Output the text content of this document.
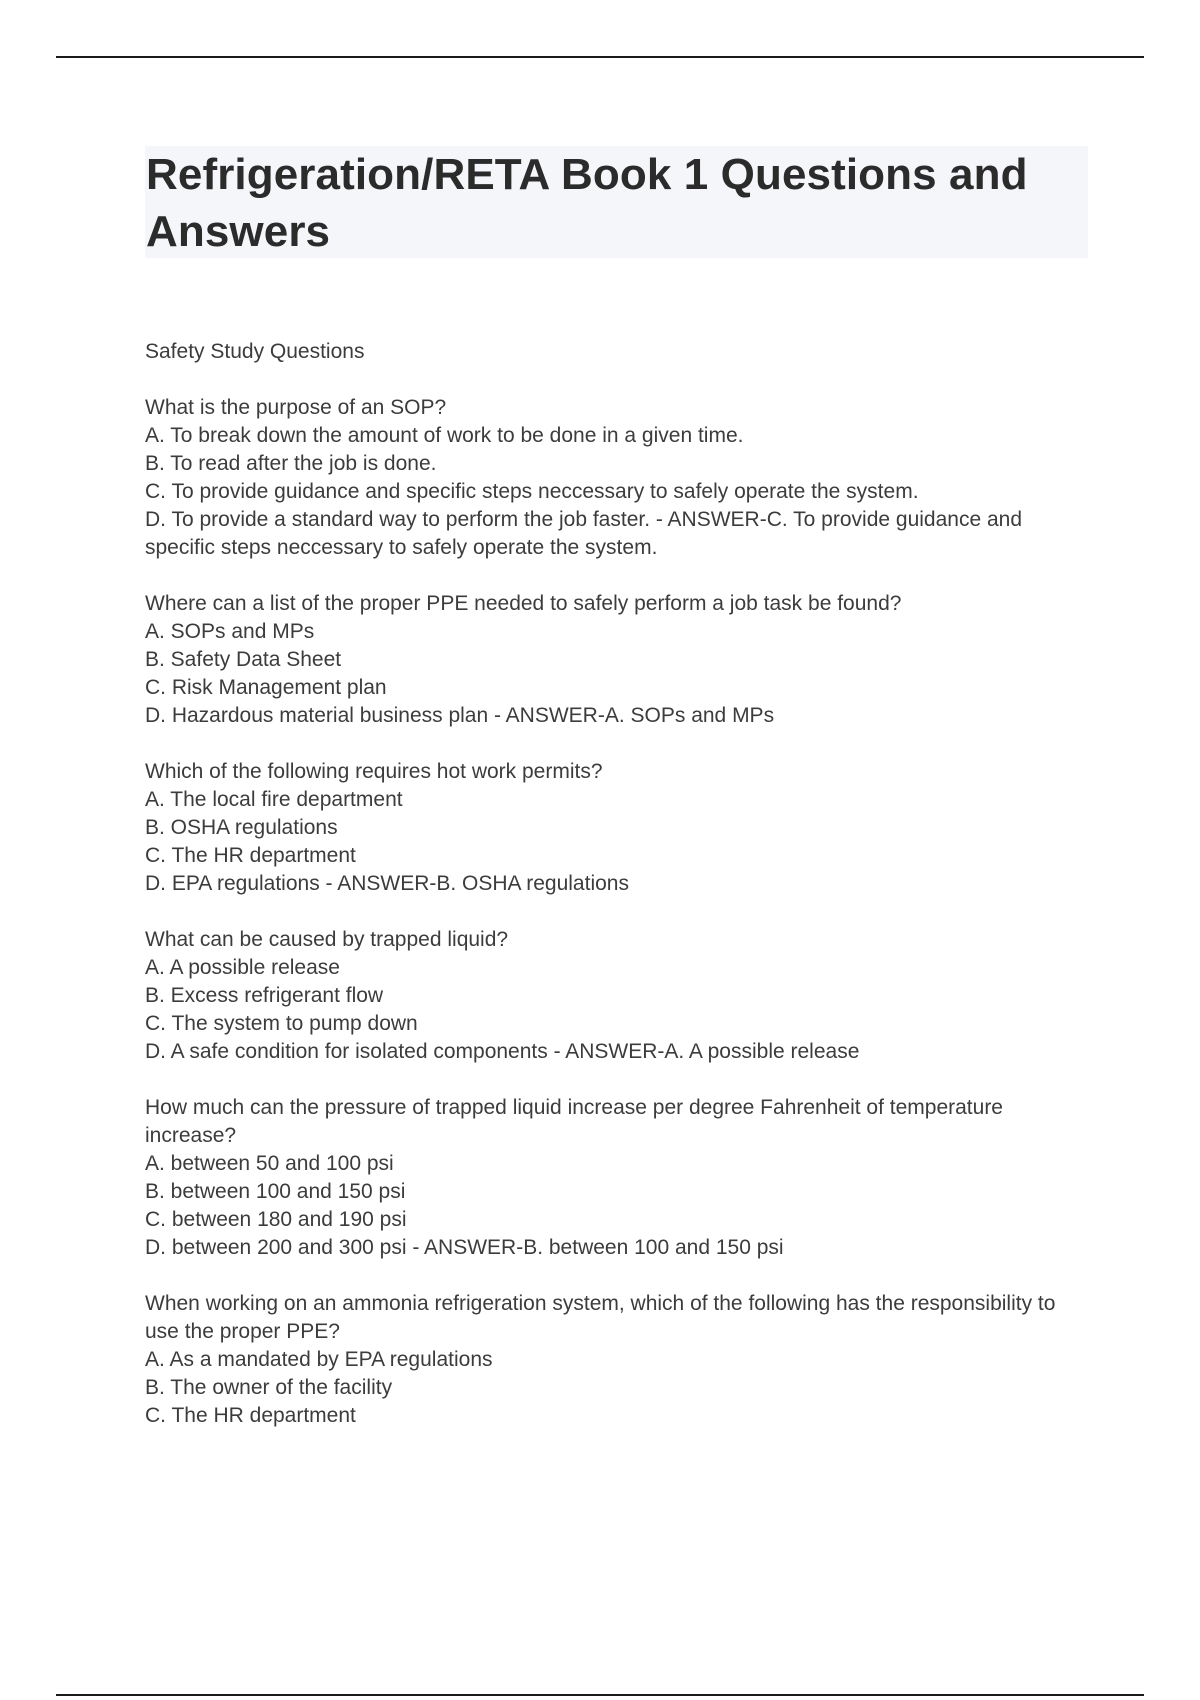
Refrigeration/RETA Book 1 Questions and Answers
Safety Study Questions
What is the purpose of an SOP?
A. To break down the amount of work to be done in a given time.
B. To read after the job is done.
C. To provide guidance and specific steps neccessary to safely operate the system.
D. To provide a standard way to perform the job faster. - ANSWER-C. To provide guidance and specific steps neccessary to safely operate the system.
Where can a list of the proper PPE needed to safely perform a job task be found?
A. SOPs and MPs
B. Safety Data Sheet
C. Risk Management plan
D. Hazardous material business plan - ANSWER-A. SOPs and MPs
Which of the following requires hot work permits?
A. The local fire department
B. OSHA regulations
C. The HR department
D. EPA regulations - ANSWER-B. OSHA regulations
What can be caused by trapped liquid?
A. A possible release
B. Excess refrigerant flow
C. The system to pump down
D. A safe condition for isolated components - ANSWER-A. A possible release
How much can the pressure of trapped liquid increase per degree Fahrenheit of temperature increase?
A. between 50 and 100 psi
B. between 100 and 150 psi
C. between 180 and 190 psi
D. between 200 and 300 psi - ANSWER-B. between 100 and 150 psi
When working on an ammonia refrigeration system, which of the following has the responsibility to use the proper PPE?
A. As a mandated by EPA regulations
B. The owner of the facility
C. The HR department
